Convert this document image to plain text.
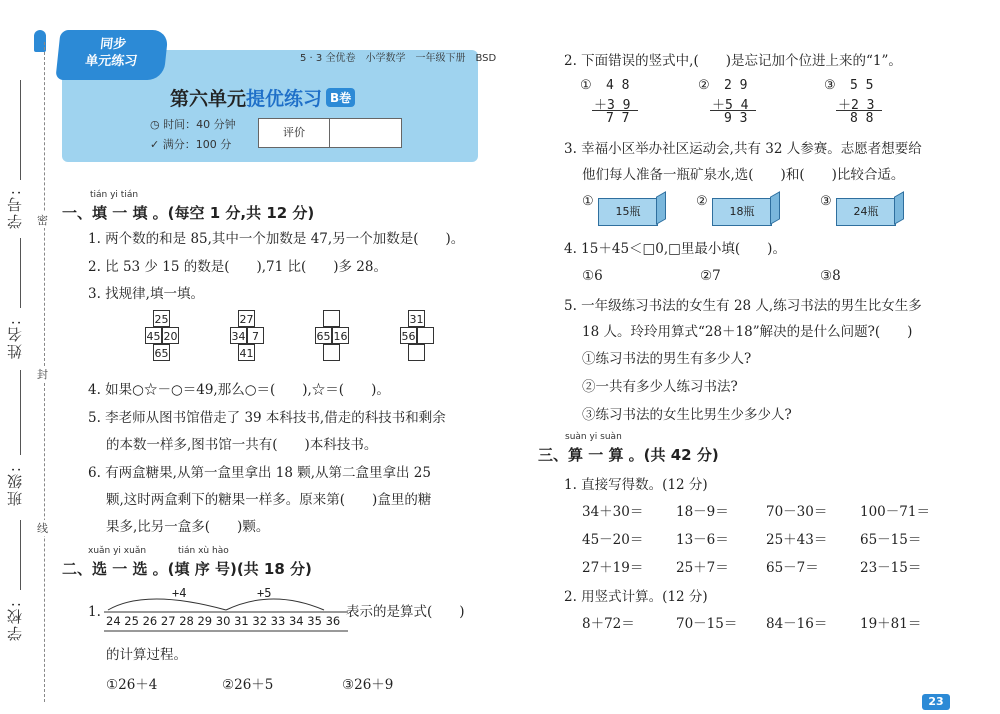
密
封
线
学号:
姓名:
班级:
学校:
同步
单元练习	5 · 3 全优卷　小学数学　一年级下册　BSD
第六单元提优练习 B卷
◷ 时间：40 分钟
✓ 满分：100 分
评价
tián yi tián
一、填 一 填 。(每空 1 分,共 12 分)
1. 两个数的和是 85,其中一个加数是 47,另一个加数是(　　)。
2. 比 53 少 15 的数是(　　),71 比(　　)多 28。
3. 找规律,填一填。
25
45 20
65
27
34 7
41
65 16
31
56
4. 如果○☆－○＝49,那么○＝(　　),☆＝(　　)。
5. 李老师从图书馆借走了 39 本科技书,借走的科技书和剩余
的本数一样多,图书馆一共有(　　)本科技书。
6. 有两盒糖果,从第一盒里拿出 18 颗,从第二盒里拿出 25
颗,这时两盒剩下的糖果一样多。原来第(　　)盒里的糖
果多,比另一盒多(　　)颗。
xuǎn yi xuǎn	tián xù hào
二、选 一 选 。(填 序 号)(共 18 分)
1.
+4	+5
24 25 26 27 28 29 30 31 32 33 34 35 36
表示的是算式(　　)
的计算过程。
①26＋4	②26＋5	③26＋9
2. 下面错误的竖式中,(　　)是忘记加个位进上来的“1”。
① 4 8
＋3 9
7 7
② 2 9
＋5 4
9 3
③ 5 5
＋2 3
8 8
3. 幸福小区举办社区运动会,共有 32 人参赛。志愿者想要给
他们每人准备一瓶矿泉水,选(　　)和(　　)比较合适。
①
15瓶
②
18瓶
③
24瓶
4. 15＋45＜□0,□里最小填(　　)。
①6	②7	③8
5. 一年级练习书法的女生有 28 人,练习书法的男生比女生多
18 人。玲玲用算式“28＋18”解决的是什么问题?(　　)
①练习书法的男生有多少人?
②一共有多少人练习书法?
③练习书法的女生比男生少多少人?
suàn yi suàn
三、算 一 算 。(共 42 分)
1. 直接写得数。(12 分)
34＋30＝ 18－9＝	70－30＝ 100－71＝
45－20＝ 13－6＝	25＋43＝ 65－15＝
27＋19＝ 25＋7＝	65－7＝	23－15＝
2. 用竖式计算。(12 分)
8＋72＝	70－15＝ 84－16＝ 19＋81＝
23
